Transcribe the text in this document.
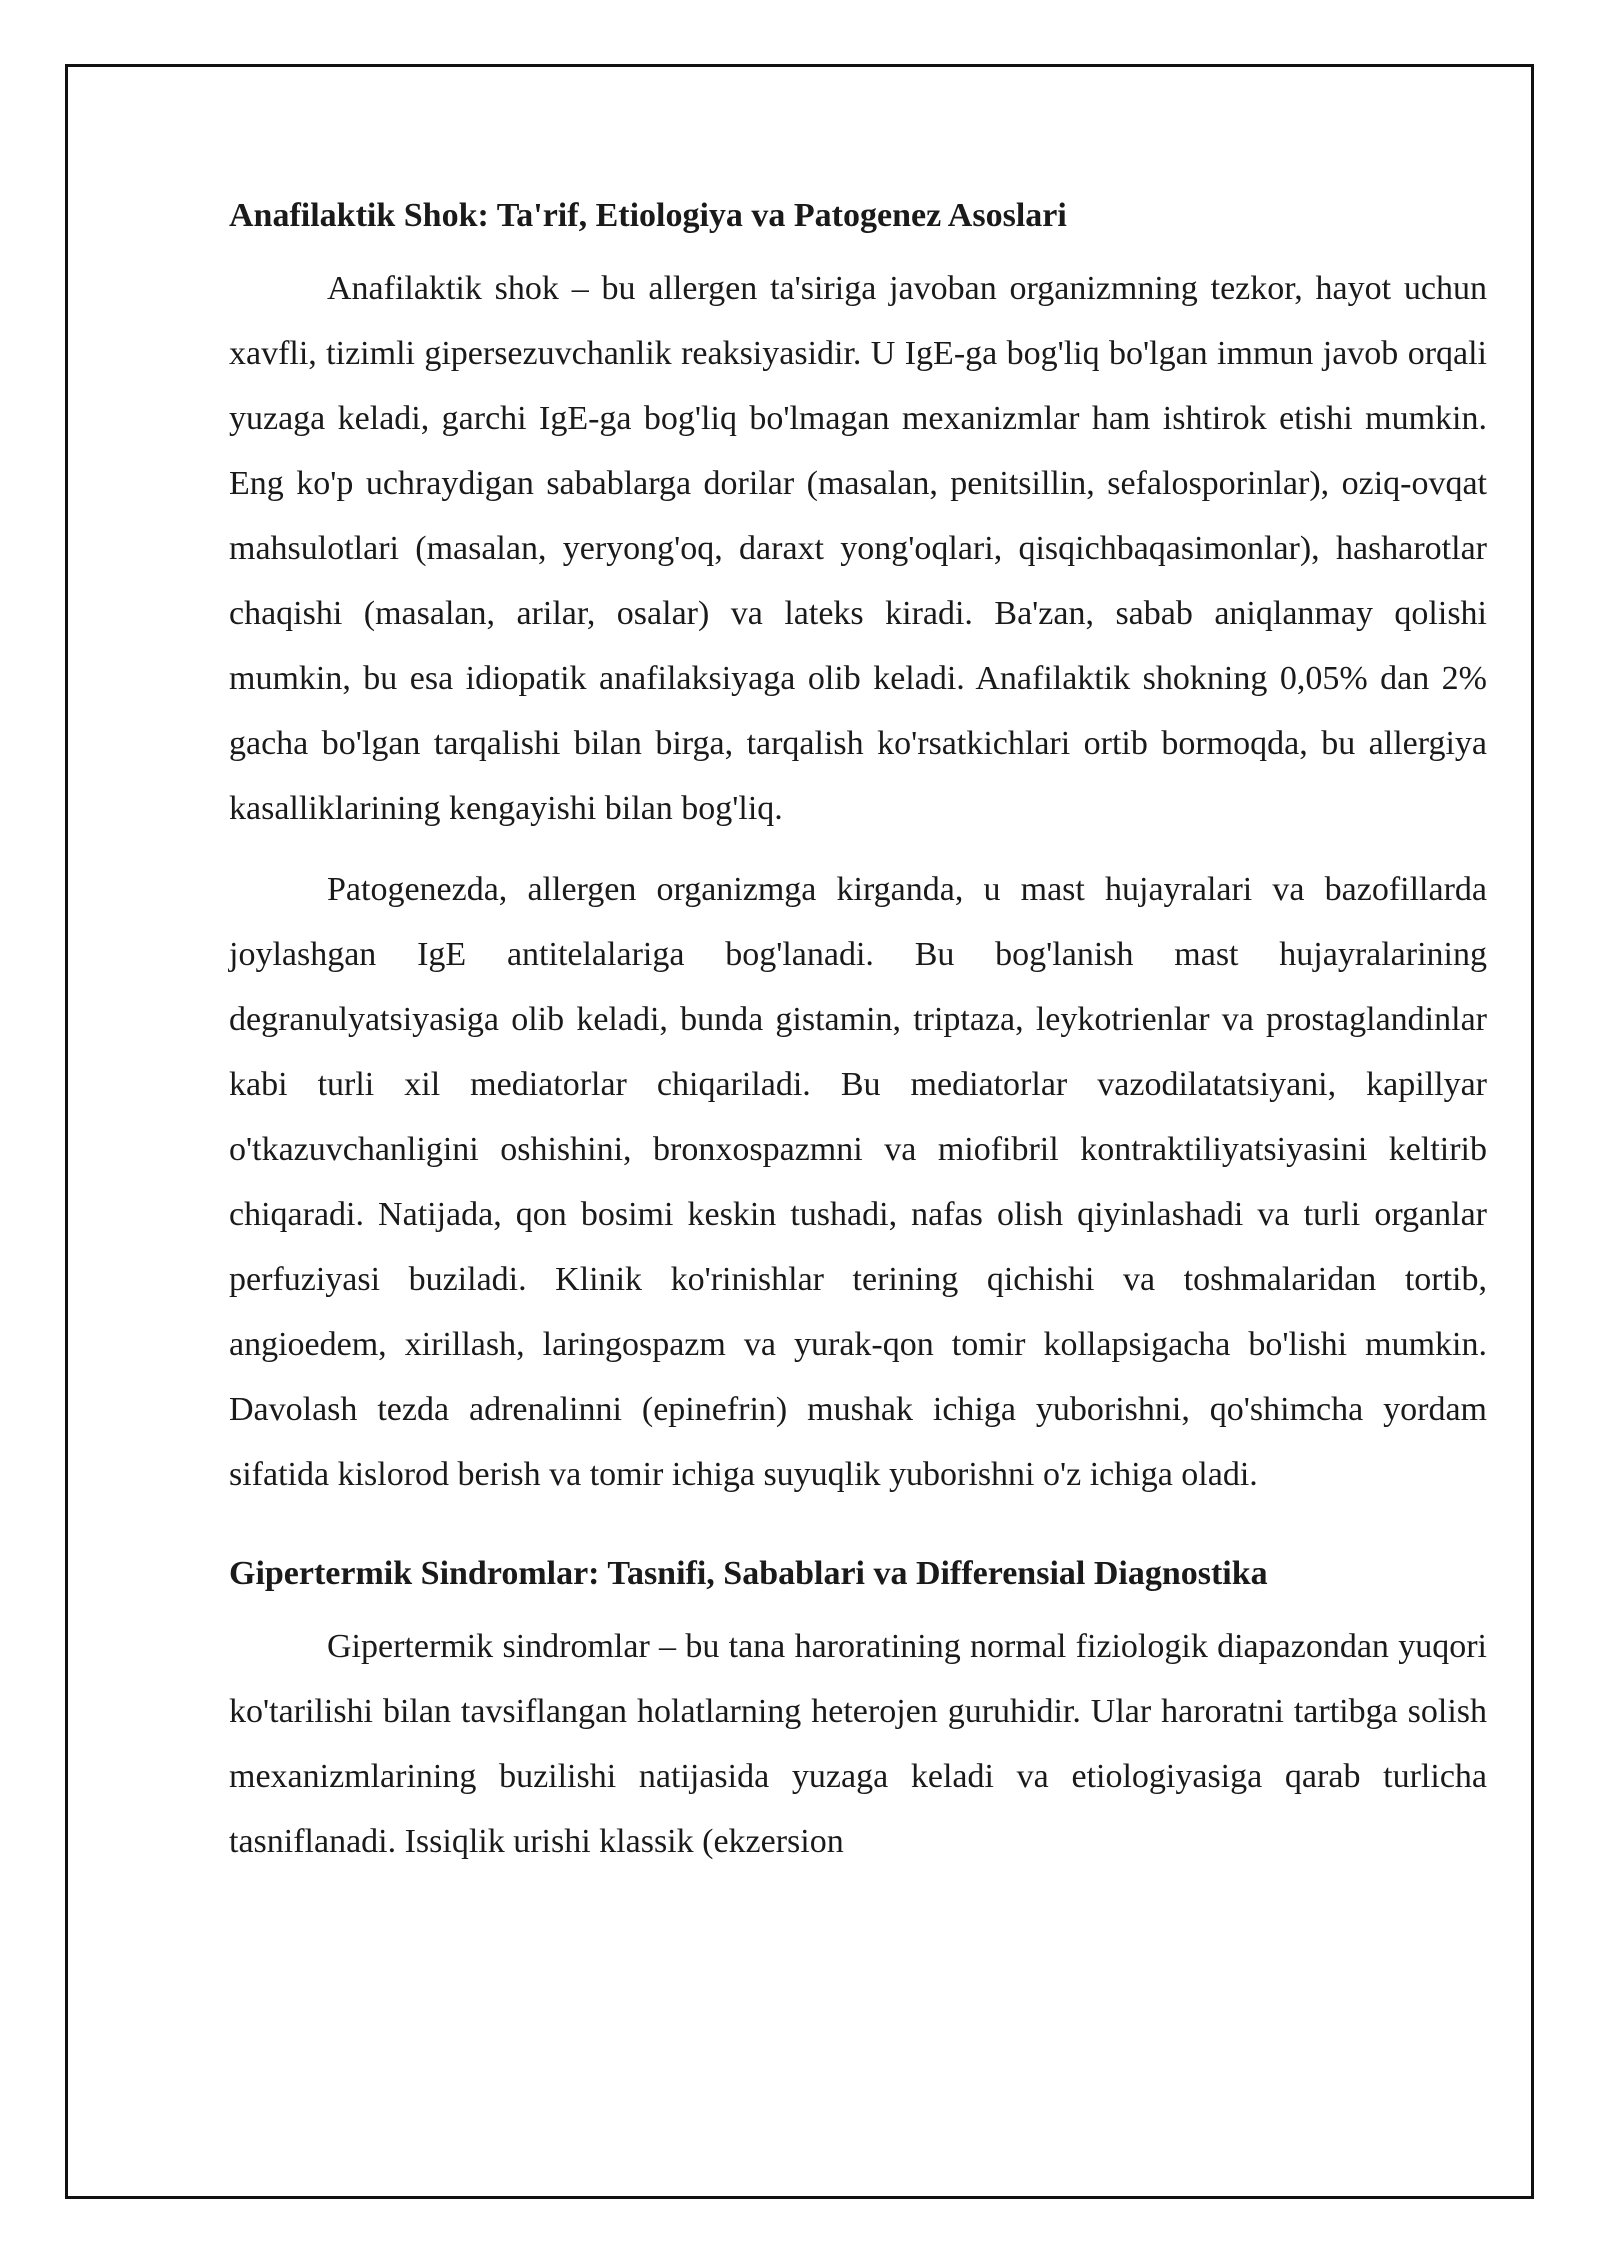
Anafilaktik Shok: Ta'rif, Etiologiya va Patogenez Asoslari

Anafilaktik shok – bu allergen ta'siriga javoban organizmning tezkor, hayot uchun xavfli, tizimli gipersezuvchanlik reaksiyasidir. U IgE-ga bog'liq bo'lgan immun javob orqali yuzaga keladi, garchi IgE-ga bog'liq bo'lmagan mexanizmlar ham ishtirok etishi mumkin. Eng ko'p uchraydigan sabablarga dorilar (masalan, penitsillin, sefalosporinlar), oziq-ovqat mahsulotlari (masalan, yeryong'oq, daraxt yong'oqlari, qisqichbaqasimonlar), hasharotlar chaqishi (masalan, arilar, osalar) va lateks kiradi. Ba'zan, sabab aniqlanmay qolishi mumkin, bu esa idiopatik anafilaksiyaga olib keladi. Anafilaktik shokning 0,05% dan 2% gacha bo'lgan tarqalishi bilan birga, tarqalish ko'rsatkichlari ortib bormoqda, bu allergiya kasalliklarining kengayishi bilan bog'liq.

Patogenezda, allergen organizmga kirganda, u mast hujayralari va bazofillarda joylashgan IgE antitelalariga bog'lanadi. Bu bog'lanish mast hujayralarining degranulyatsiyasiga olib keladi, bunda gistamin, triptaza, leykotrienlar va prostaglandinlar kabi turli xil mediatorlar chiqariladi. Bu mediatorlar vazodilatatsiyani, kapillyar o'tkazuvchanligini oshishini, bronxospazmni va miofibril kontraktiliyatsiyasini keltirib chiqaradi. Natijada, qon bosimi keskin tushadi, nafas olish qiyinlashadi va turli organlar perfuziyasi buziladi. Klinik ko'rinishlar terining qichishi va toshmalaridan tortib, angioedem, xirillash, laringospazm va yurak-qon tomir kollapsigacha bo'lishi mumkin. Davolash tezda adrenalinni (epinefrin) mushak ichiga yuborishni, qo'shimcha yordam sifatida kislorod berish va tomir ichiga suyuqlik yuborishni o'z ichiga oladi.

Gipertermik Sindromlar: Tasnifi, Sabablari va Differensial Diagnostika

Gipertermik sindromlar – bu tana haroratining normal fiziologik diapazondan yuqori ko'tarilishi bilan tavsiflangan holatlarning heterojen guruhidir. Ular haroratni tartibga solish mexanizmlarining buzilishi natijasida yuzaga keladi va etiologiyasiga qarab turlicha tasniflanadi. Issiqlik urishi klassik (ekzersion
